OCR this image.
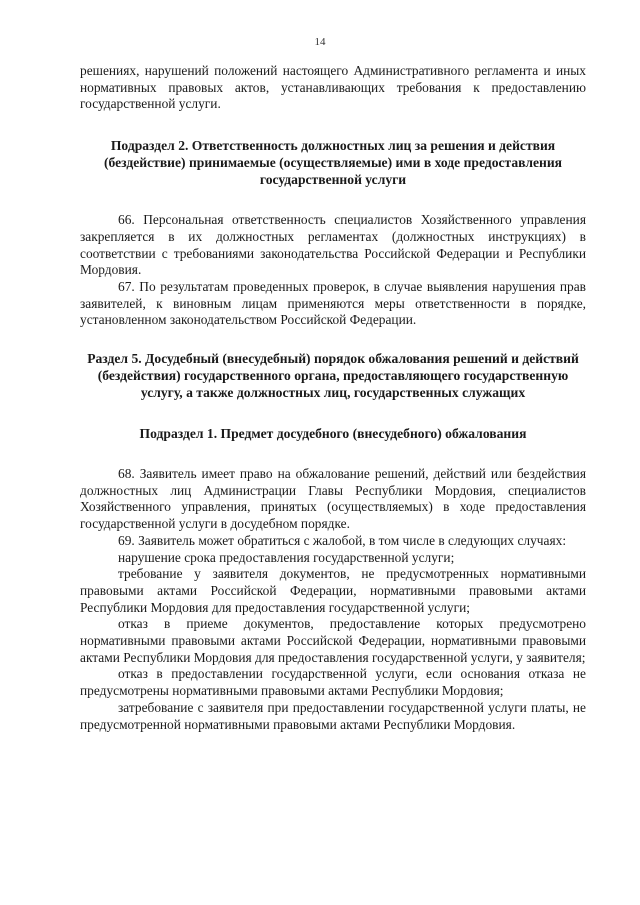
14

решениях, нарушений положений настоящего Административного регламента и иных нормативных правовых актов, устанавливающих требования к предоставлению государственной услуги.

Подраздел 2. Ответственность должностных лиц за решения и действия (бездействие) принимаемые (осуществляемые) ими в ходе предоставления государственной услуги

66. Персональная ответственность специалистов Хозяйственного управления закрепляется в их должностных регламентах (должностных инструкциях) в соответствии с требованиями законодательства Российской Федерации и Республики Мордовия.

67. По результатам проведенных проверок, в случае выявления нарушения прав заявителей, к виновным лицам применяются меры ответственности в порядке, установленном законодательством Российской Федерации.

Раздел 5. Досудебный (внесудебный) порядок обжалования решений и действий (бездействия) государственного органа, предоставляющего государственную услугу, а также должностных лиц, государственных служащих
Подраздел 1. Предмет досудебного (внесудебного) обжалования

68. Заявитель имеет право на обжалование решений, действий или бездействия должностных лиц Администрации Главы Республики Мордовия, специалистов Хозяйственного управления, принятых (осуществляемых) в ходе предоставления государственной услуги в досудебном порядке.

69. Заявитель может обратиться с жалобой, в том числе в следующих случаях:

нарушение срока предоставления государственной услуги;

требование у заявителя документов, не предусмотренных нормативными правовыми актами Российской Федерации, нормативными правовыми актами Республики Мордовия для предоставления государственной услуги;

отказ в приеме документов, предоставление которых предусмотрено нормативными правовыми актами Российской Федерации, нормативными правовыми актами Республики Мордовия для предоставления государственной услуги, у заявителя;

отказ в предоставлении государственной услуги, если основания отказа не предусмотрены нормативными правовыми актами Республики Мордовия;

затребование с заявителя при предоставлении государственной услуги платы, не предусмотренной нормативными правовыми актами Республики Мордовия.
